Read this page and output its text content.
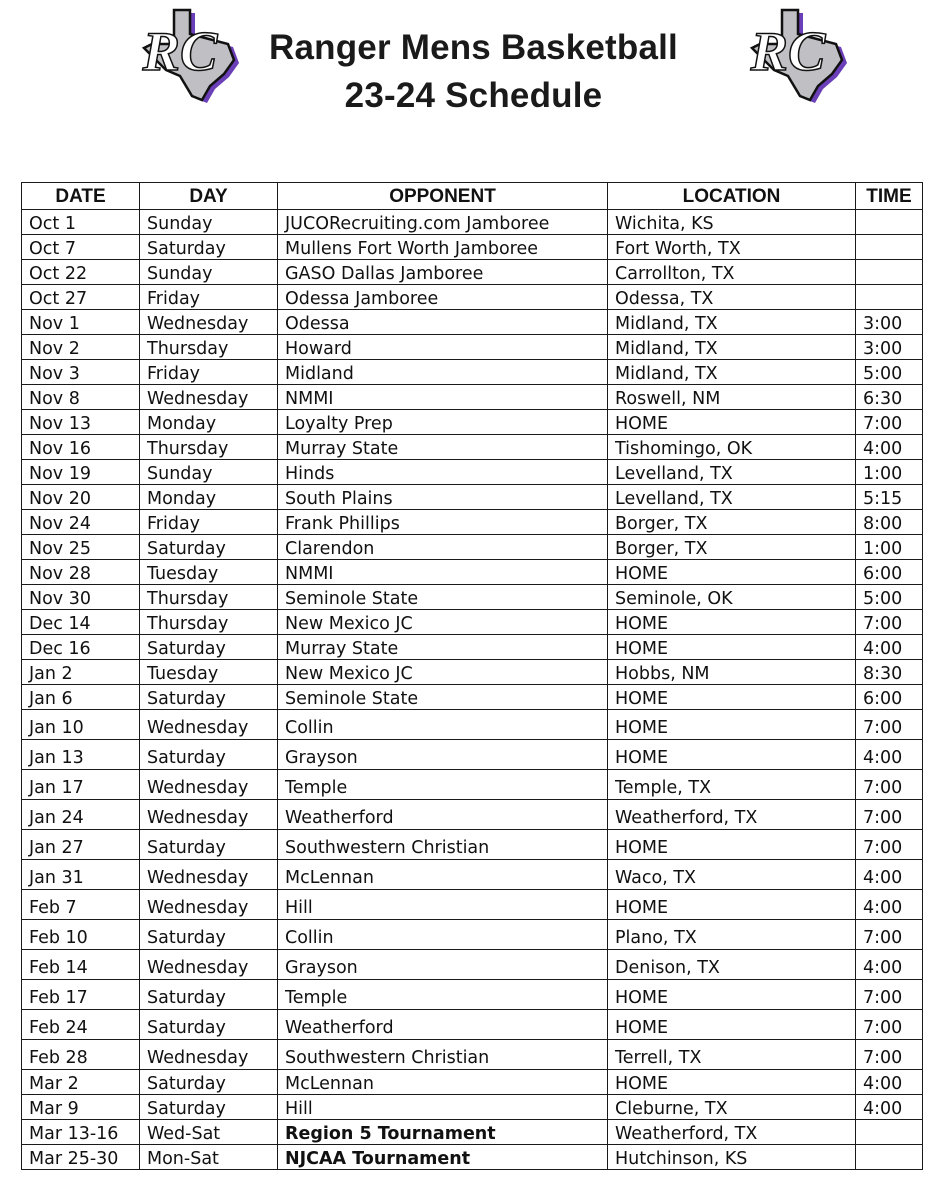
RC	Ranger Mens Basketball
23-24 Schedule
RC
DATE	DAY	OPPONENT	LOCATION	TIME
Oct 1	Sunday	JUCORecruiting.com Jamboree	Wichita, KS	
Oct 7	Saturday	Mullens Fort Worth Jamboree	Fort Worth, TX	
Oct 22	Sunday	GASO Dallas Jamboree	Carrollton, TX	
Oct 27	Friday	Odessa Jamboree	Odessa, TX	
Nov 1	Wednesday	Odessa	Midland, TX	3:00
Nov 2	Thursday	Howard	Midland, TX	3:00
Nov 3	Friday	Midland	Midland, TX	5:00
Nov 8	Wednesday	NMMI	Roswell, NM	6:30
Nov 13	Monday	Loyalty Prep	HOME	7:00
Nov 16	Thursday	Murray State	Tishomingo, OK	4:00
Nov 19	Sunday	Hinds	Levelland, TX	1:00
Nov 20	Monday	South Plains	Levelland, TX	5:15
Nov 24	Friday	Frank Phillips	Borger, TX	8:00
Nov 25	Saturday	Clarendon	Borger, TX	1:00
Nov 28	Tuesday	NMMI	HOME	6:00
Nov 30	Thursday	Seminole State	Seminole, OK	5:00
Dec 14	Thursday	New Mexico JC	HOME	7:00
Dec 16	Saturday	Murray State	HOME	4:00
Jan 2	Tuesday	New Mexico JC	Hobbs, NM	8:30
Jan 6	Saturday	Seminole State	HOME	6:00
Jan 10	Wednesday	Collin	HOME	7:00
Jan 13	Saturday	Grayson	HOME	4:00
Jan 17	Wednesday	Temple	Temple, TX	7:00
Jan 24	Wednesday	Weatherford	Weatherford, TX	7:00
Jan 27	Saturday	Southwestern Christian	HOME	7:00
Jan 31	Wednesday	McLennan	Waco, TX	4:00
Feb 7	Wednesday	Hill	HOME	4:00
Feb 10	Saturday	Collin	Plano, TX	7:00
Feb 14	Wednesday	Grayson	Denison, TX	4:00
Feb 17	Saturday	Temple	HOME	7:00
Feb 24	Saturday	Weatherford	HOME	7:00
Feb 28	Wednesday	Southwestern Christian	Terrell, TX	7:00
Mar 2	Saturday	McLennan	HOME	4:00
Mar 9	Saturday	Hill	Cleburne, TX	4:00
Mar 13-16	Wed-Sat	Region 5 Tournament	Weatherford, TX	
Mar 25-30	Mon-Sat	NJCAA Tournament	Hutchinson, KS	
